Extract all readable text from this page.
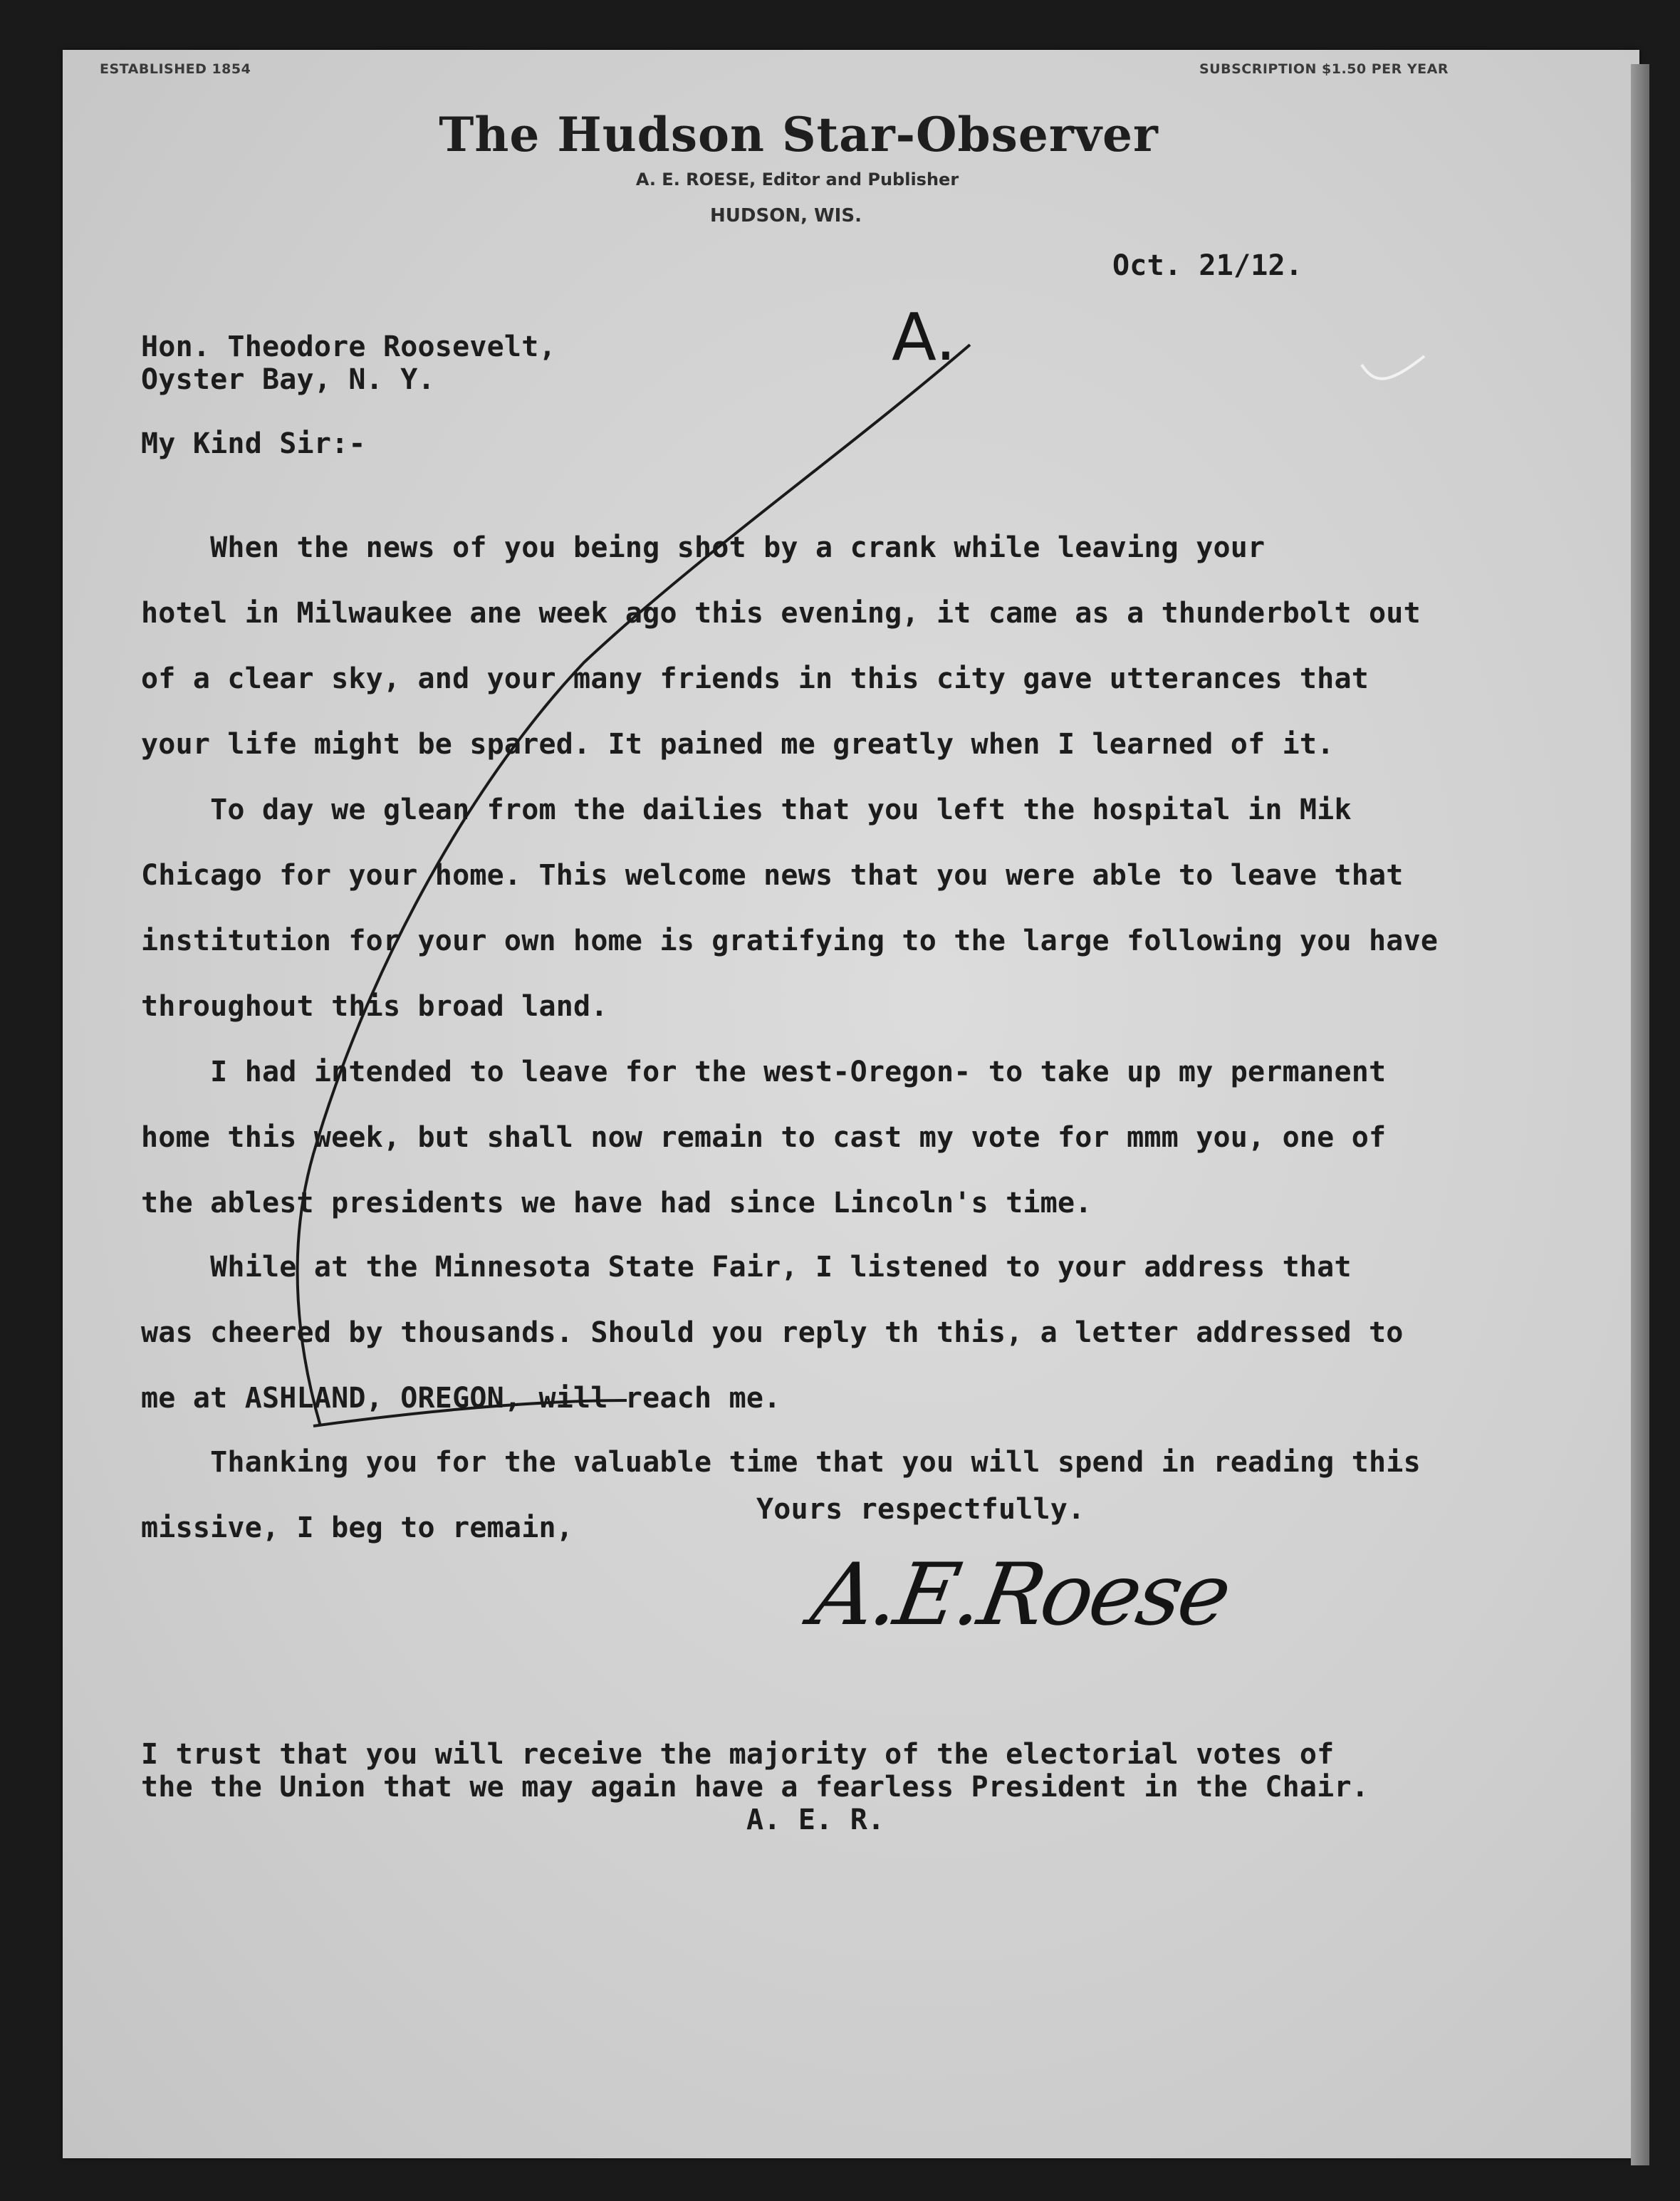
ESTABLISHED 1854	SUBSCRIPTION $1.50 PER YEAR
The Hudson Star-Observer
A. E. ROESE, Editor and Publisher
HUDSON, WIS.
Oct. 21/12.
Hon. Theodore Roosevelt,
Oyster Bay, N. Y.
My Kind Sir:-
When the news of you being shot by a crank while leaving your
hotel in Milwaukee ane week ago this evening, it came as a thunderbolt out
of a clear sky, and your many friends in this city gave utterances that
your life might be spared. It pained me greatly when I learned of it.
To day we glean from the dailies that you left the hospital in Mik
Chicago for your home. This welcome news that you were able to leave that
institution for your own home is gratifying to the large following you have
throughout this broad land.
I had intended to leave for the west-Oregon- to take up my permanent
home this week, but shall now remain to cast my vote for mmm you, one of
the ablest presidents we have had since Lincoln's time.
While at the Minnesota State Fair, I listened to your address that
was cheered by thousands. Should you reply th this, a letter addressed to
me at ASHLAND, OREGON, will reach me.
Thanking you for the valuable time that you will spend in reading this
missive, I beg to remain,
Yours respectfully.
A.E.Roese
I trust that you will receive the majority of the electorial votes of
the the Union that we may again have a fearless President in the Chair.
A. E. R.
A.
